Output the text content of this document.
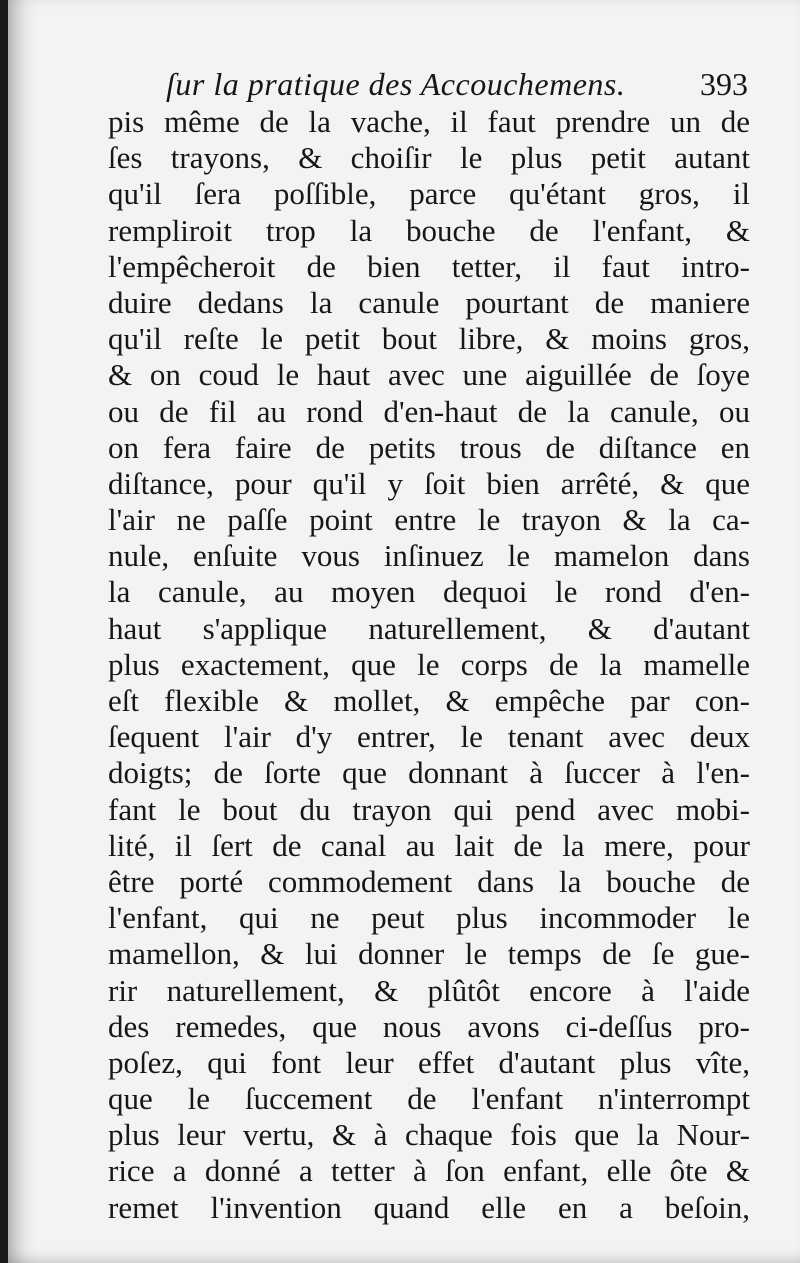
ſur la pratique des Accouchemens. 393
pis même de la vache, il faut prendre un de
ſes trayons, & choiſir le plus petit autant
qu'il ſera poſſible, parce qu'étant gros, il
rempliroit trop la bouche de l'enfant, &
l'empêcheroit de bien tetter, il faut intro-
duire dedans la canule pourtant de maniere
qu'il reſte le petit bout libre, & moins gros,
& on coud le haut avec une aiguillée de ſoye
ou de fil au rond d'en-haut de la canule, ou
on fera faire de petits trous de diſtance en
diſtance, pour qu'il y ſoit bien arrêté, & que
l'air ne paſſe point entre le trayon & la ca-
nule, enſuite vous inſinuez le mamelon dans
la canule, au moyen dequoi le rond d'en-
haut s'applique naturellement, & d'autant
plus exactement, que le corps de la mamelle
eſt flexible & mollet, & empêche par con-
ſequent l'air d'y entrer, le tenant avec deux
doigts; de ſorte que donnant à ſuccer à l'en-
fant le bout du trayon qui pend avec mobi-
lité, il ſert de canal au lait de la mere, pour
être porté commodement dans la bouche de
l'enfant, qui ne peut plus incommoder le
mamellon, & lui donner le temps de ſe gue-
rir naturellement, & plûtôt encore à l'aide
des remedes, que nous avons ci-deſſus pro-
poſez, qui font leur effet d'autant plus vîte,
que le ſuccement de l'enfant n'interrompt
plus leur vertu, & à chaque fois que la Nour-
rice a donné a tetter à ſon enfant, elle ôte &
remet l'invention quand elle en a beſoin,
